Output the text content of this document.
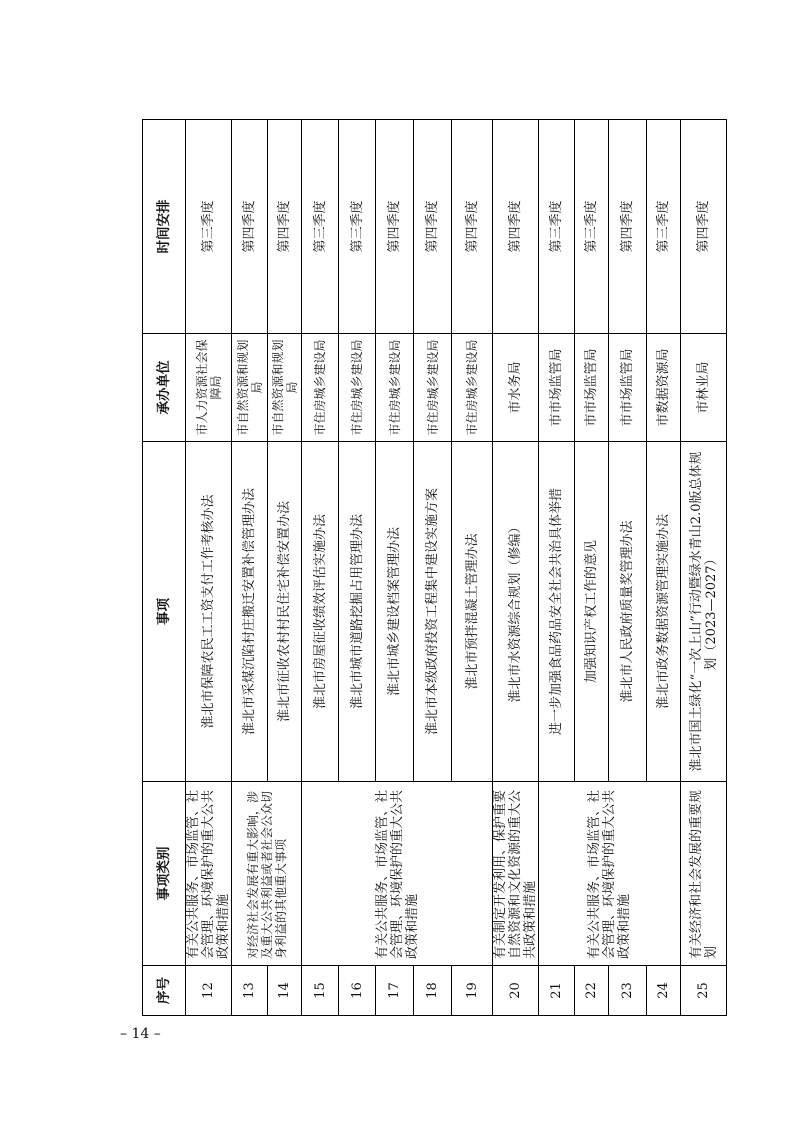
– 14 –
序号	事项类别	事项	承办单位	时间安排
12	有关公共服务、市场监管、社会管理、环境保护的重大公共政策和措施	淮北市保障农民工工资支付工作考核办法	市人力资源社会保障局	第三季度
13	对经济社会发展有重大影响，涉及重大公共利益或者社会公众切身利益的其他重大事项	淮北市采煤沉陷村庄搬迁安置补偿管理办法	市自然资源和规划局	第四季度
14		淮北市征收农村村民住宅补偿安置办法	市自然资源和规划局	第四季度
15	有关公共服务、市场监管、社会管理、环境保护的重大公共政策和措施	淮北市房屋征收绩效评估实施办法	市住房城乡建设局	第三季度
16		淮北市城市道路挖掘占用管理办法	市住房城乡建设局	第三季度
17		淮北市城乡建设档案管理办法	市住房城乡建设局	第四季度
18		淮北市本级政府投资工程集中建设实施方案	市住房城乡建设局	第四季度
19		淮北市预拌混凝土管理办法	市住房城乡建设局	第四季度
20	有关制定开发利用、保护重要自然资源和文化资源的重大公共政策和措施	淮北市水资源综合规划（修编）	市水务局	第四季度
21	有关公共服务、市场监管、社会管理、环境保护的重大公共政策和措施	进一步加强食品药品安全社会共治具体举措	市市场监管局	第三季度
22		加强知识产权工作的意见	市市场监管局	第三季度
23		淮北市人民政府质量奖管理办法	市市场监管局	第四季度
24		淮北市政务数据资源管理实施办法	市数据资源局	第三季度
25	有关经济和社会发展的重要规划	淮北市国土绿化“一次上山”行动暨绿水青山2.0版总体规划（2023—2027）	市林业局	第四季度
